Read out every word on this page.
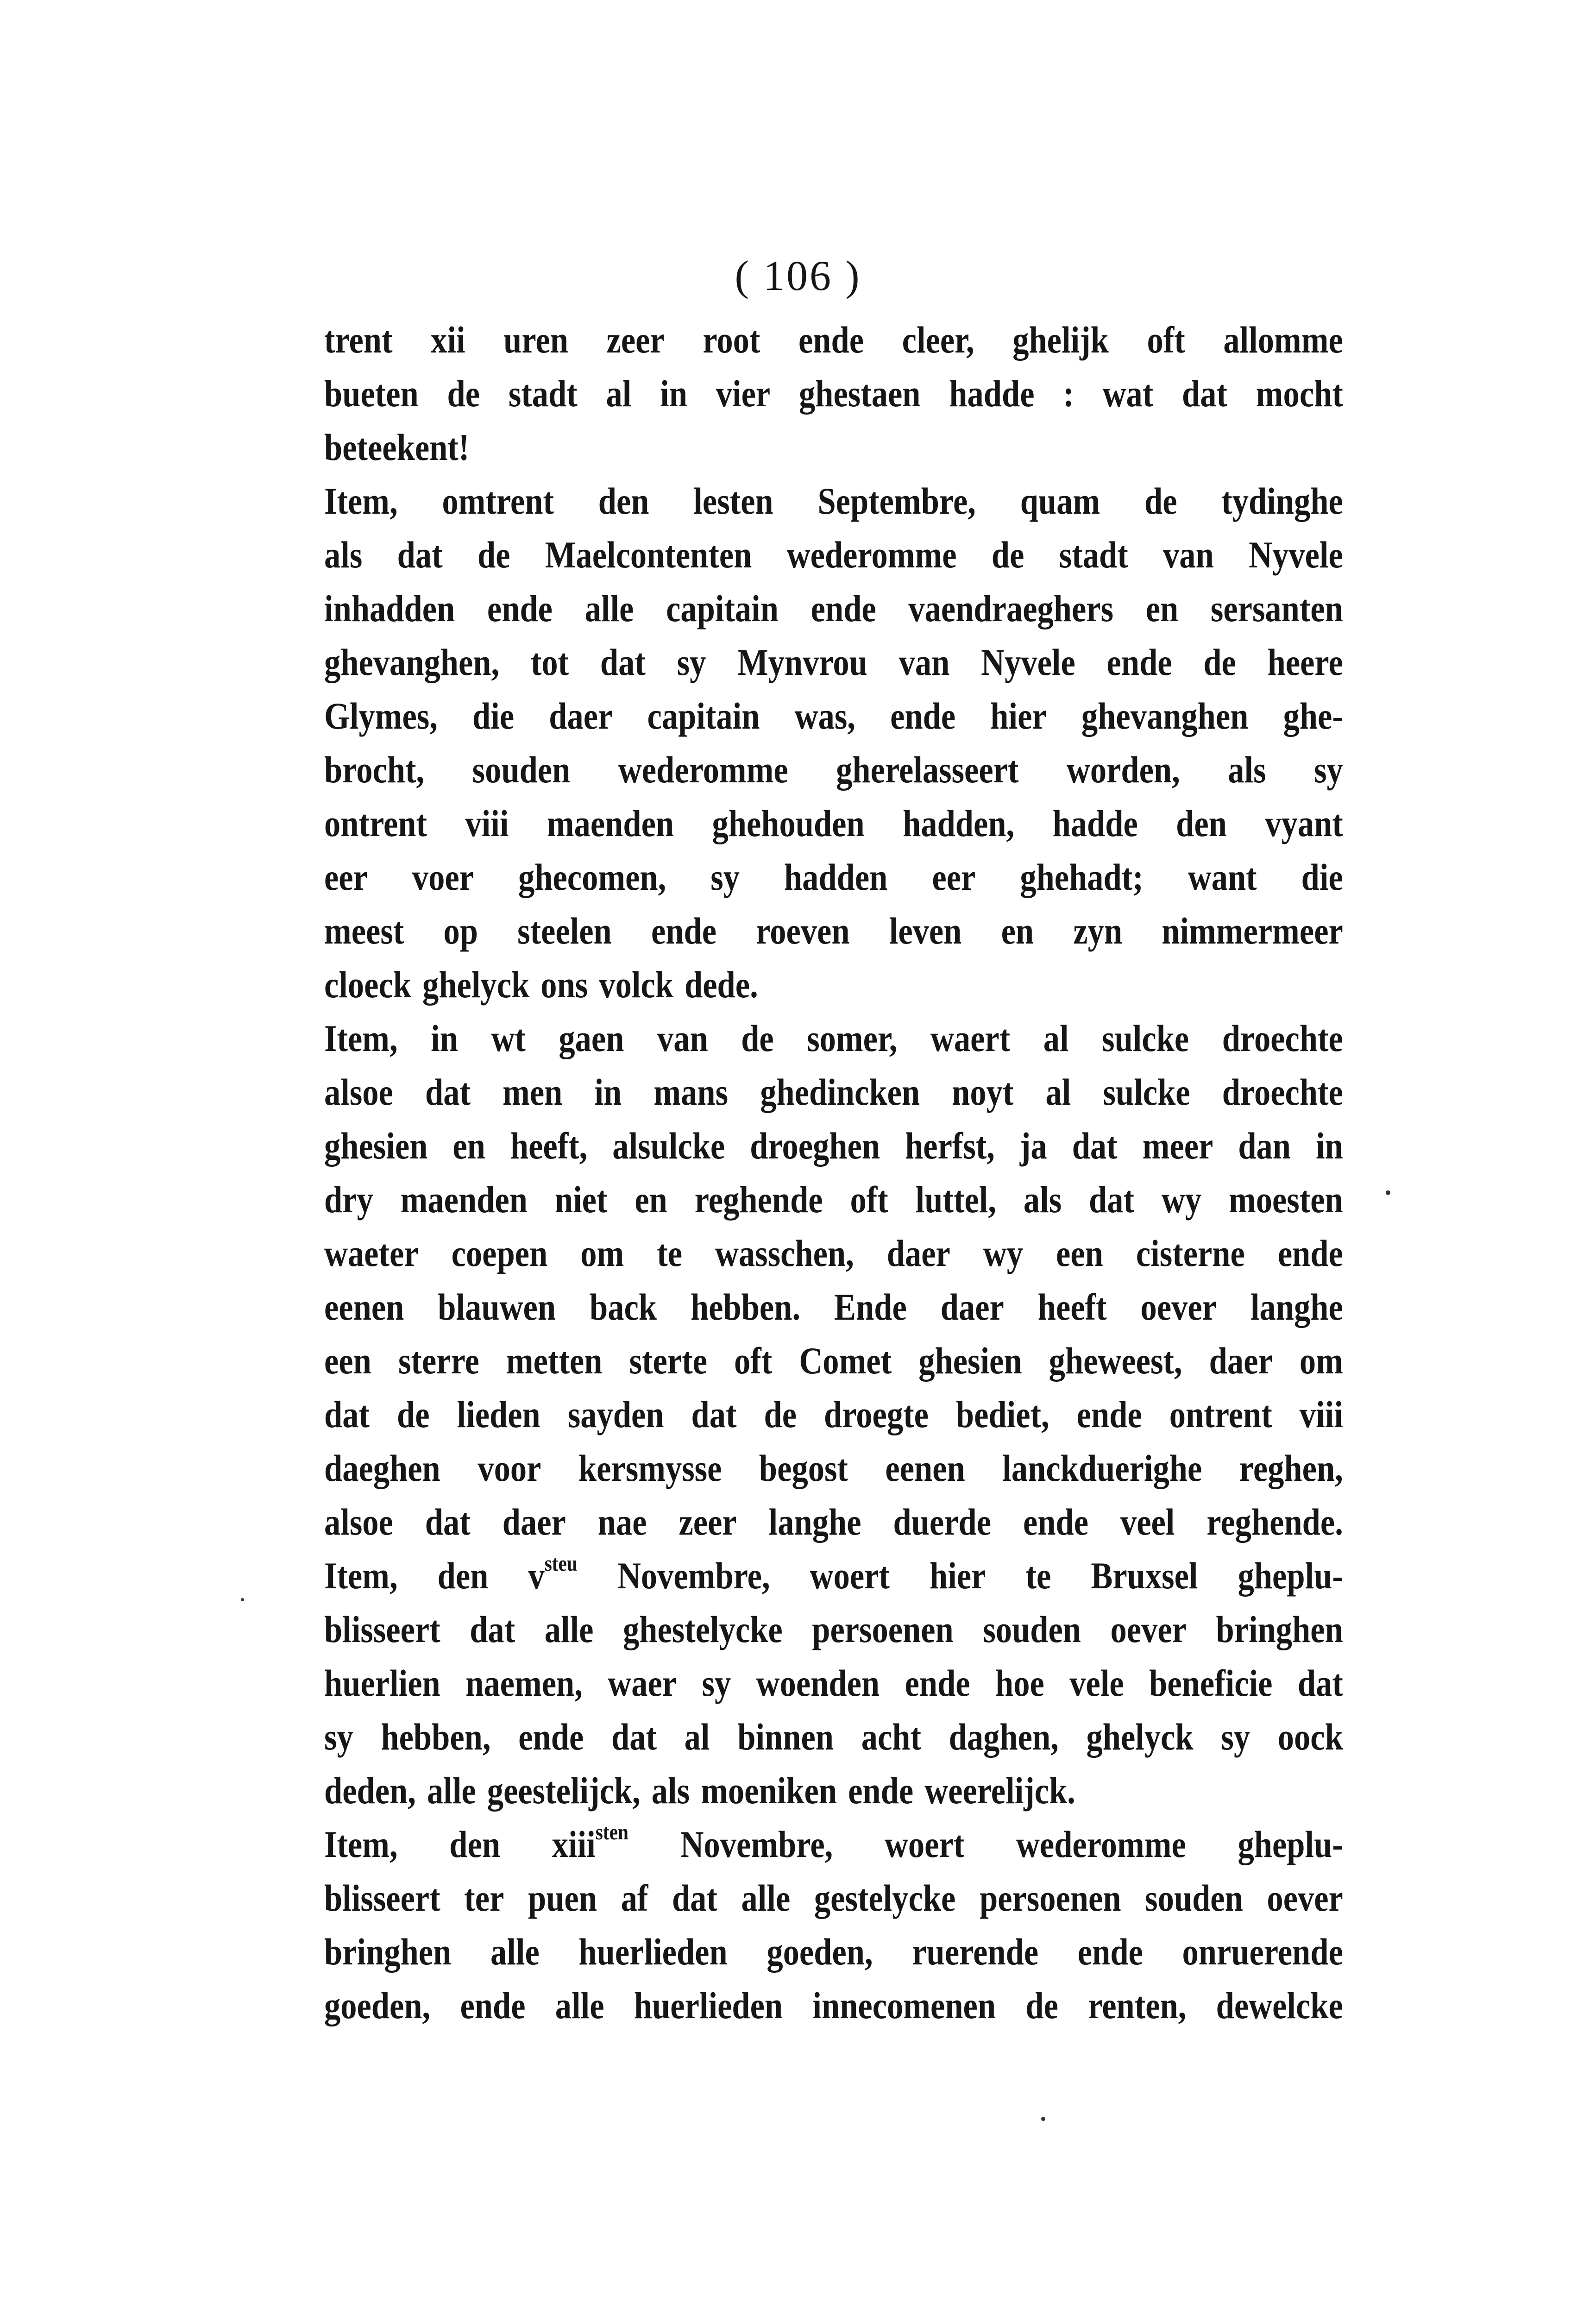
( 106 )
trent xii uren zeer root ende cleer, ghelijk oft allomme
bueten de stadt al in vier ghestaen hadde : wat dat mocht
beteekent!
Item, omtrent den lesten Septembre, quam de tydinghe
als dat de Maelcontenten wederomme de stadt van Nyvele
inhadden ende alle capitain ende vaendraeghers en sersanten
ghevanghen, tot dat sy Mynvrou van Nyvele ende de heere
Glymes, die daer capitain was, ende hier ghevanghen ghe-
brocht, souden wederomme gherelasseert worden, als sy
ontrent viii maenden ghehouden hadden, hadde den vyant
eer voer ghecomen, sy hadden eer ghehadt; want die
meest op steelen ende roeven leven en zyn nimmermeer
cloeck ghelyck ons volck dede.
Item, in wt gaen van de somer, waert al sulcke droechte
alsoe dat men in mans ghedincken noyt al sulcke droechte
ghesien en heeft, alsulcke droeghen herfst, ja dat meer dan in
dry maenden niet en reghende oft luttel, als dat wy moesten
waeter coepen om te wasschen, daer wy een cisterne ende
eenen blauwen back hebben. Ende daer heeft oever langhe
een sterre metten sterte oft Comet ghesien gheweest, daer om
dat de lieden sayden dat de droegte bediet, ende ontrent viii
daeghen voor kersmysse begost eenen lanckduerighe reghen,
alsoe dat daer nae zeer langhe duerde ende veel reghende.
Item, den $v^{steu}$ Novembre, woert hier te Bruxsel gheplu-
blisseert dat alle ghestelycke persoenen souden oever bringhen
huerlien naemen, waer sy woenden ende hoe vele beneficie dat
sy hebben, ende dat al binnen acht daghen, ghelyck sy oock
deden, alle geestelijck, als moeniken ende weerelijck.
Item, den xiii$^{sten}$ Novembre, woert wederomme gheplu-
blisseert ter puen af dat alle gestelycke persoenen souden oever
bringhen alle huerlieden goeden, ruerende ende onruerende
goeden, ende alle huerlieden innecomenen de renten, dewelcke
